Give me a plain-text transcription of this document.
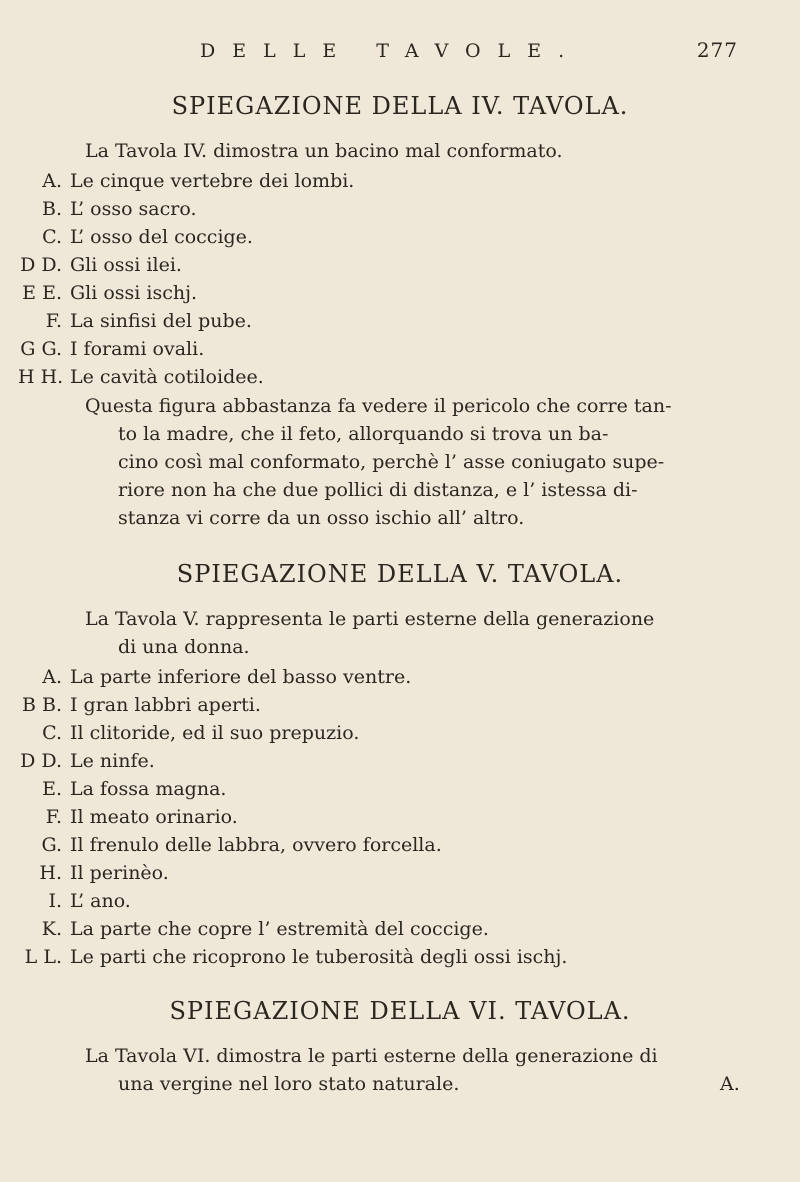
DELLE TAVOLE.	277
SPIEGAZIONE DELLA IV. TAVOLA.
La Tavola IV. dimostra un bacino mal conformato.
A. Le cinque vertebre dei lombi.
B. L’ osso sacro.
C. L’ osso del coccige.
D D. Gli ossi ilei.
E E. Gli ossi ischj.
F. La sinfisi del pube.
G G. I forami ovali.
H H. Le cavità cotiloidee.
Questa figura abbastanza fa vedere il pericolo che corre tan-
to la madre, che il feto, allorquando si trova un ba-
cino così mal conformato, perchè l’ asse coniugato supe-
riore non ha che due pollici di distanza, e l’ istessa di-
stanza vi corre da un osso ischio all’ altro.
SPIEGAZIONE DELLA V. TAVOLA.
La Tavola V. rappresenta le parti esterne della generazione
di una donna.
A. La parte inferiore del basso ventre.
B B. I gran labbri aperti.
C. Il clitoride, ed il suo prepuzio.
D D. Le ninfe.
E. La fossa magna.
F. Il meato orinario.
G. Il frenulo delle labbra, ovvero forcella.
H. Il perinèo.
I. L’ ano.
K. La parte che copre l’ estremità del coccige.
L L. Le parti che ricoprono le tuberosità degli ossi ischj.
SPIEGAZIONE DELLA VI. TAVOLA.
La Tavola VI. dimostra le parti esterne della generazione di
una vergine nel loro stato naturale.	A.
